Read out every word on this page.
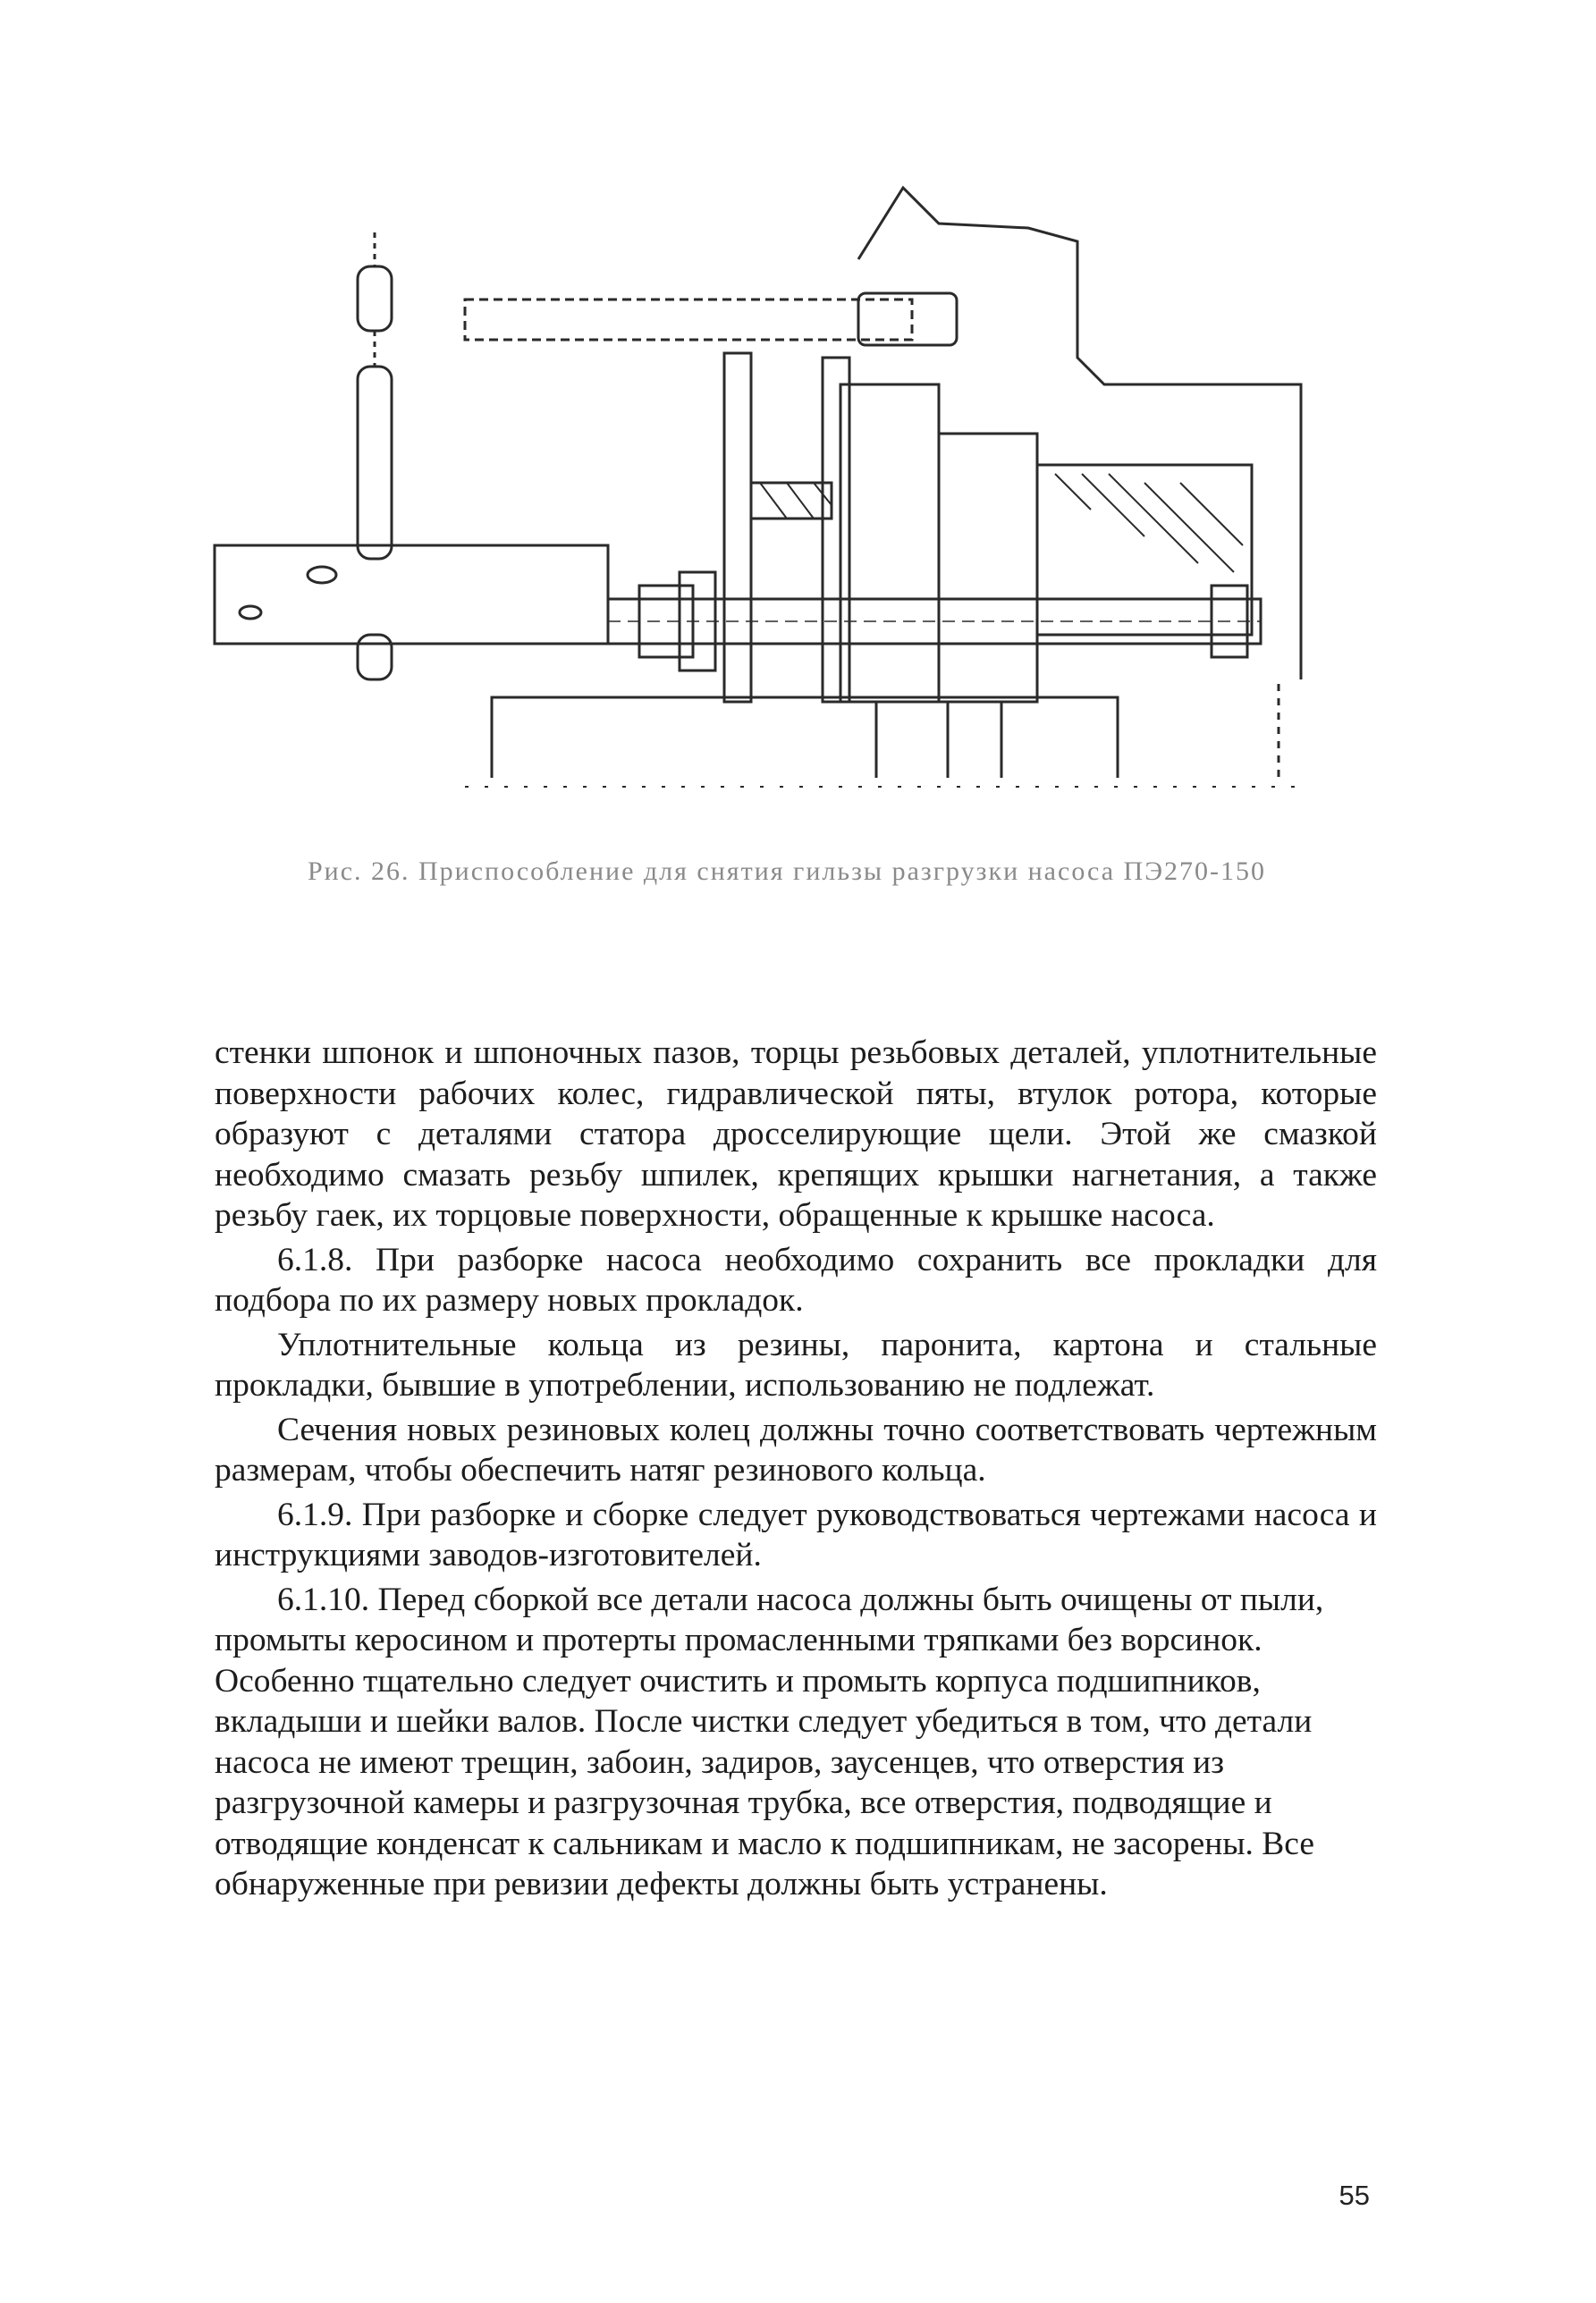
Рис. 26. Приспособление для снятия гильзы разгрузки насоса ПЭ270-150

стенки шпонок и шпоночных пазов, торцы резьбовых деталей, уплотнительные поверхности рабочих колес, гидравлической пяты, втулок ротора, которые образуют с деталями статора дросселирующие щели. Этой же смазкой необходимо смазать резьбу шпилек, крепящих крышки нагнетания, а также резьбу гаек, их торцовые поверхности, обращенные к крышке насоса.

6.1.8. При разборке насоса необходимо сохранить все прокладки для подбора по их размеру новых прокладок.

Уплотнительные кольца из резины, паронита, картона и стальные прокладки, бывшие в употреблении, использованию не подлежат.

Сечения новых резиновых колец должны точно соответствовать чертежным размерам, чтобы обеспечить натяг резинового кольца.

6.1.9. При разборке и сборке следует руководствоваться чертежами насоса и инструкциями заводов-изготовителей.

6.1.10. Перед сборкой все детали насоса должны быть очищены от пыли, промыты керосином и протерты промасленными тряпками без ворсинок. Особенно тщательно следует очистить и промыть корпуса подшипников, вкладыши и шейки валов. После чистки следует убедиться в том, что детали насоса не имеют трещин, забоин, задиров, заусенцев, что отверстия из разгрузочной камеры и разгрузочная трубка, все отверстия, подводящие и отводящие конденсат к сальникам и масло к подшипникам, не засорены. Все обнаруженные при ревизии дефекты должны быть устранены.

55
